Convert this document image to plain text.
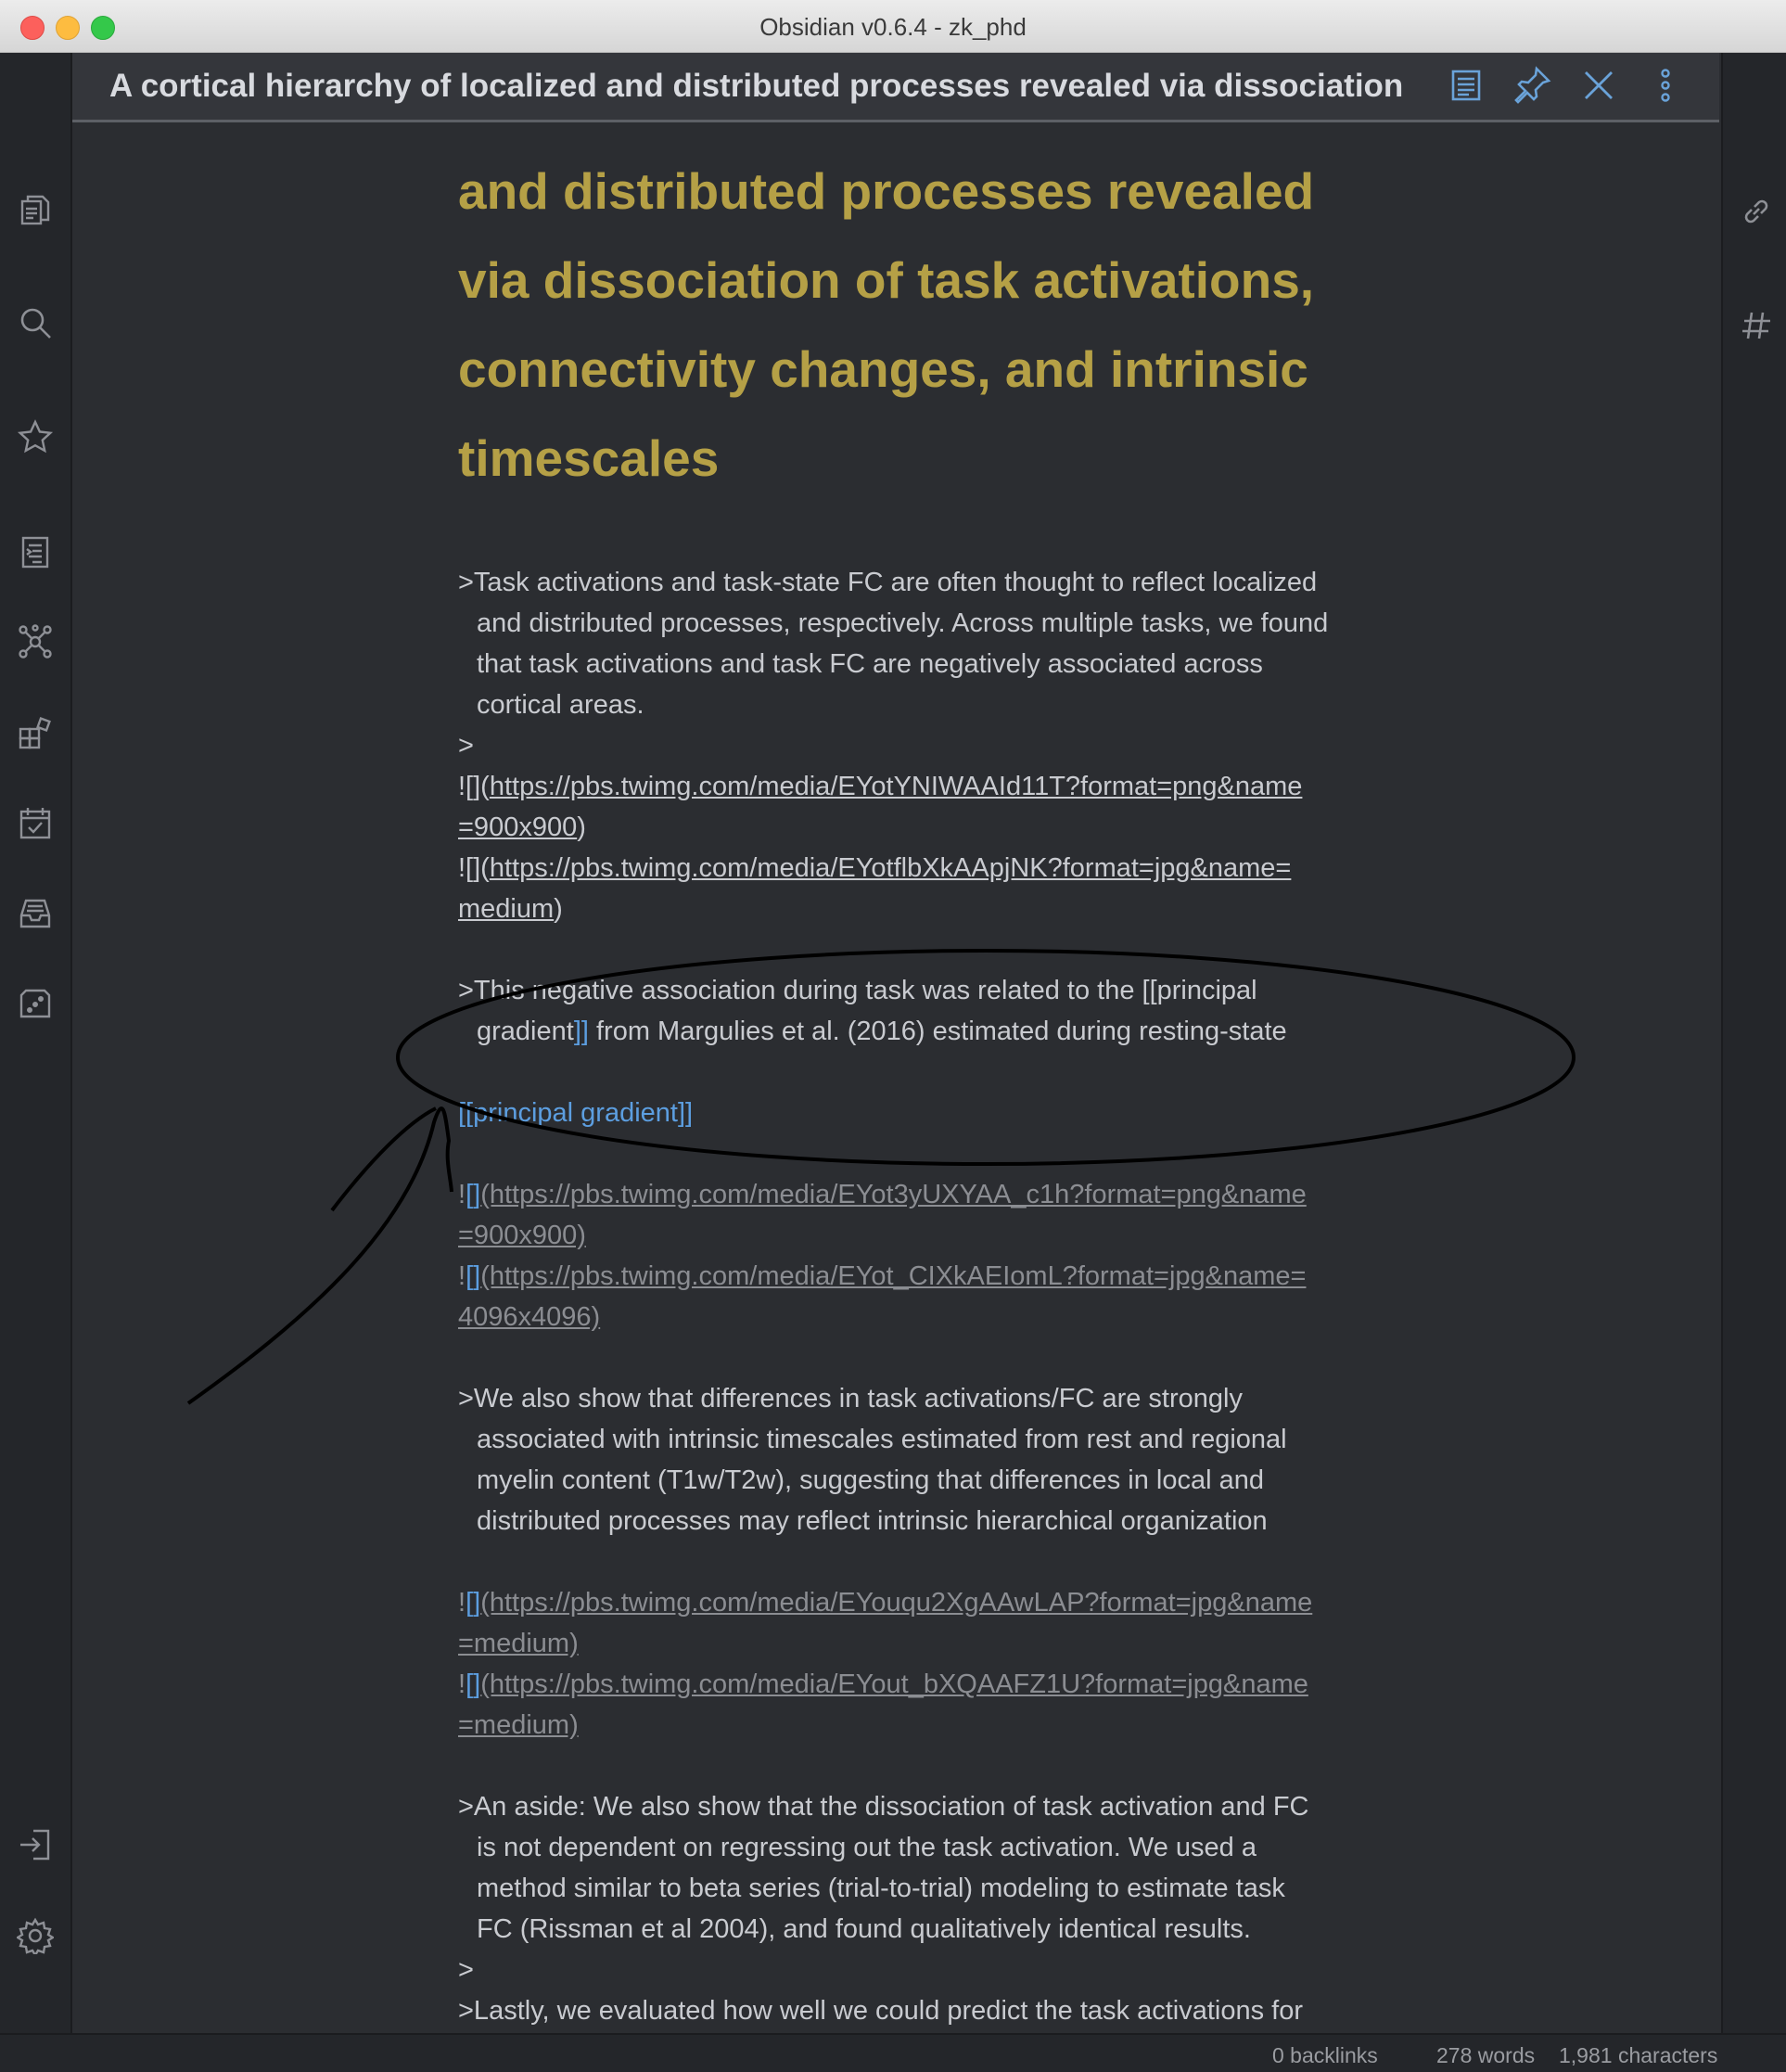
Obsidian v0.6.4 - zk_phd
A cortical hierarchy of localized and distributed processes revealed via dissociation
and distributed processes revealed
via dissociation of task activations,
connectivity changes, and intrinsic
timescales
>Task activations and task-state FC are often thought to reflect localized
and distributed processes, respectively. Across multiple tasks, we found
that task activations and task FC are negatively associated across
cortical areas.
>
![](https://pbs.twimg.com/media/EYotYNIWAAId11T?format=png&name
=900x900)
![](https://pbs.twimg.com/media/EYotflbXkAApjNK?format=jpg&name=
medium)
>This negative association during task was related to the [[principal
gradient]] from Margulies et al. (2016) estimated during resting-state
[[principal gradient]]
![](https://pbs.twimg.com/media/EYot3yUXYAA_c1h?format=png&name
=900x900)
![](https://pbs.twimg.com/media/EYot_CIXkAEIomL?format=jpg&name=
4096x4096)
>We also show that differences in task activations/FC are strongly
associated with intrinsic timescales estimated from rest and regional
myelin content (T1w/T2w), suggesting that differences in local and
distributed processes may reflect intrinsic hierarchical organization
![](https://pbs.twimg.com/media/EYouqu2XgAAwLAP?format=jpg&name
=medium)
![](https://pbs.twimg.com/media/EYout_bXQAAFZ1U?format=jpg&name
=medium)
>An aside: We also show that the dissociation of task activation and FC
is not dependent on regressing out the task activation. We used a
method similar to beta series (trial-to-trial) modeling to estimate task
FC (Rissman et al 2004), and found qualitatively identical results.
>
>Lastly, we evaluated how well we could predict the task activations for
0 backlinks	278 words 1,981 characters
